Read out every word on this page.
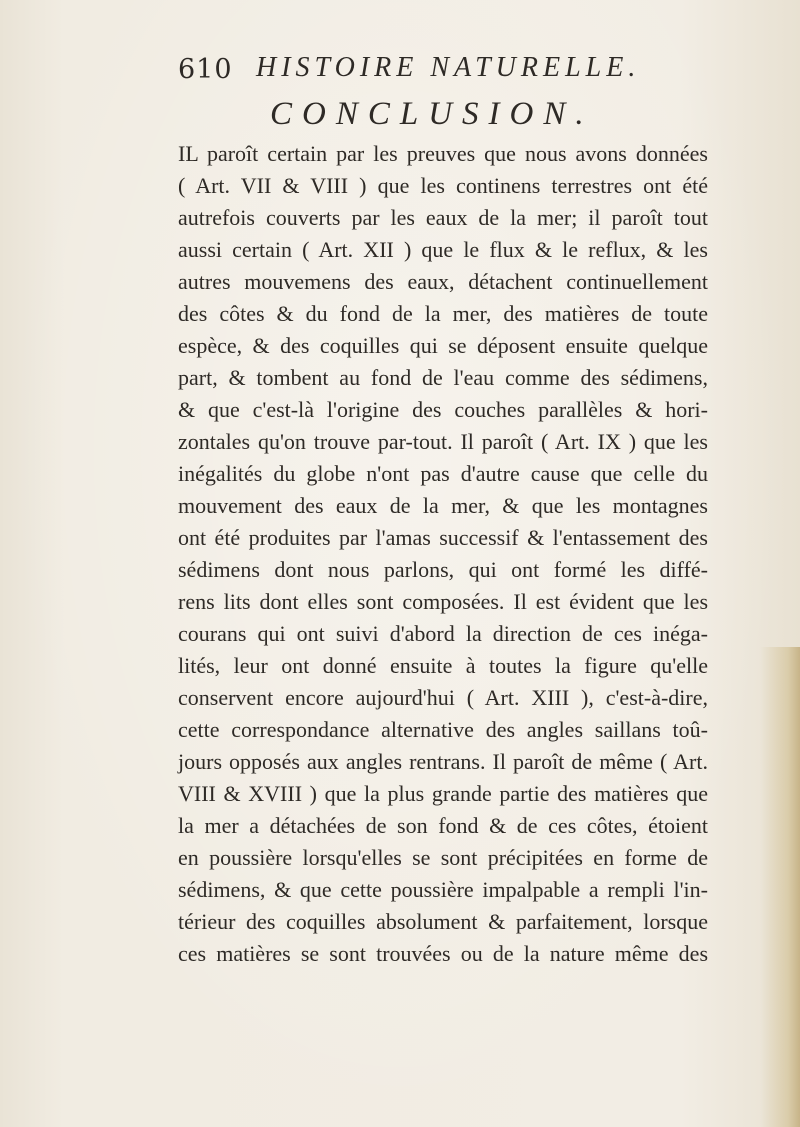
610 HISTOIRE NATURELLE.
CONCLUSION.
IL paroît certain par les preuves que nous avons données
( Art. VII & VIII ) que les continens terrestres ont été
autrefois couverts par les eaux de la mer; il paroît tout
aussi certain ( Art. XII ) que le flux & le reflux, & les
autres mouvemens des eaux, détachent continuellement
des côtes & du fond de la mer, des matières de toute
espèce, & des coquilles qui se déposent ensuite quelque
part, & tombent au fond de l'eau comme des sédimens,
& que c'est-là l'origine des couches parallèles & hori-
zontales qu'on trouve par-tout. Il paroît ( Art. IX ) que les
inégalités du globe n'ont pas d'autre cause que celle du
mouvement des eaux de la mer, & que les montagnes
ont été produites par l'amas successif & l'entassement des
sédimens dont nous parlons, qui ont formé les diffé-
rens lits dont elles sont composées. Il est évident que les
courans qui ont suivi d'abord la direction de ces inéga-
lités, leur ont donné ensuite à toutes la figure qu'elle
conservent encore aujourd'hui ( Art. XIII ), c'est-à-dire,
cette correspondance alternative des angles saillans toû-
jours opposés aux angles rentrans. Il paroît de même ( Art.
VIII & XVIII ) que la plus grande partie des matières que
la mer a détachées de son fond & de ces côtes, étoient
en poussière lorsqu'elles se sont précipitées en forme de
sédimens, & que cette poussière impalpable a rempli l'in-
térieur des coquilles absolument & parfaitement, lorsque
ces matières se sont trouvées ou de la nature même des
